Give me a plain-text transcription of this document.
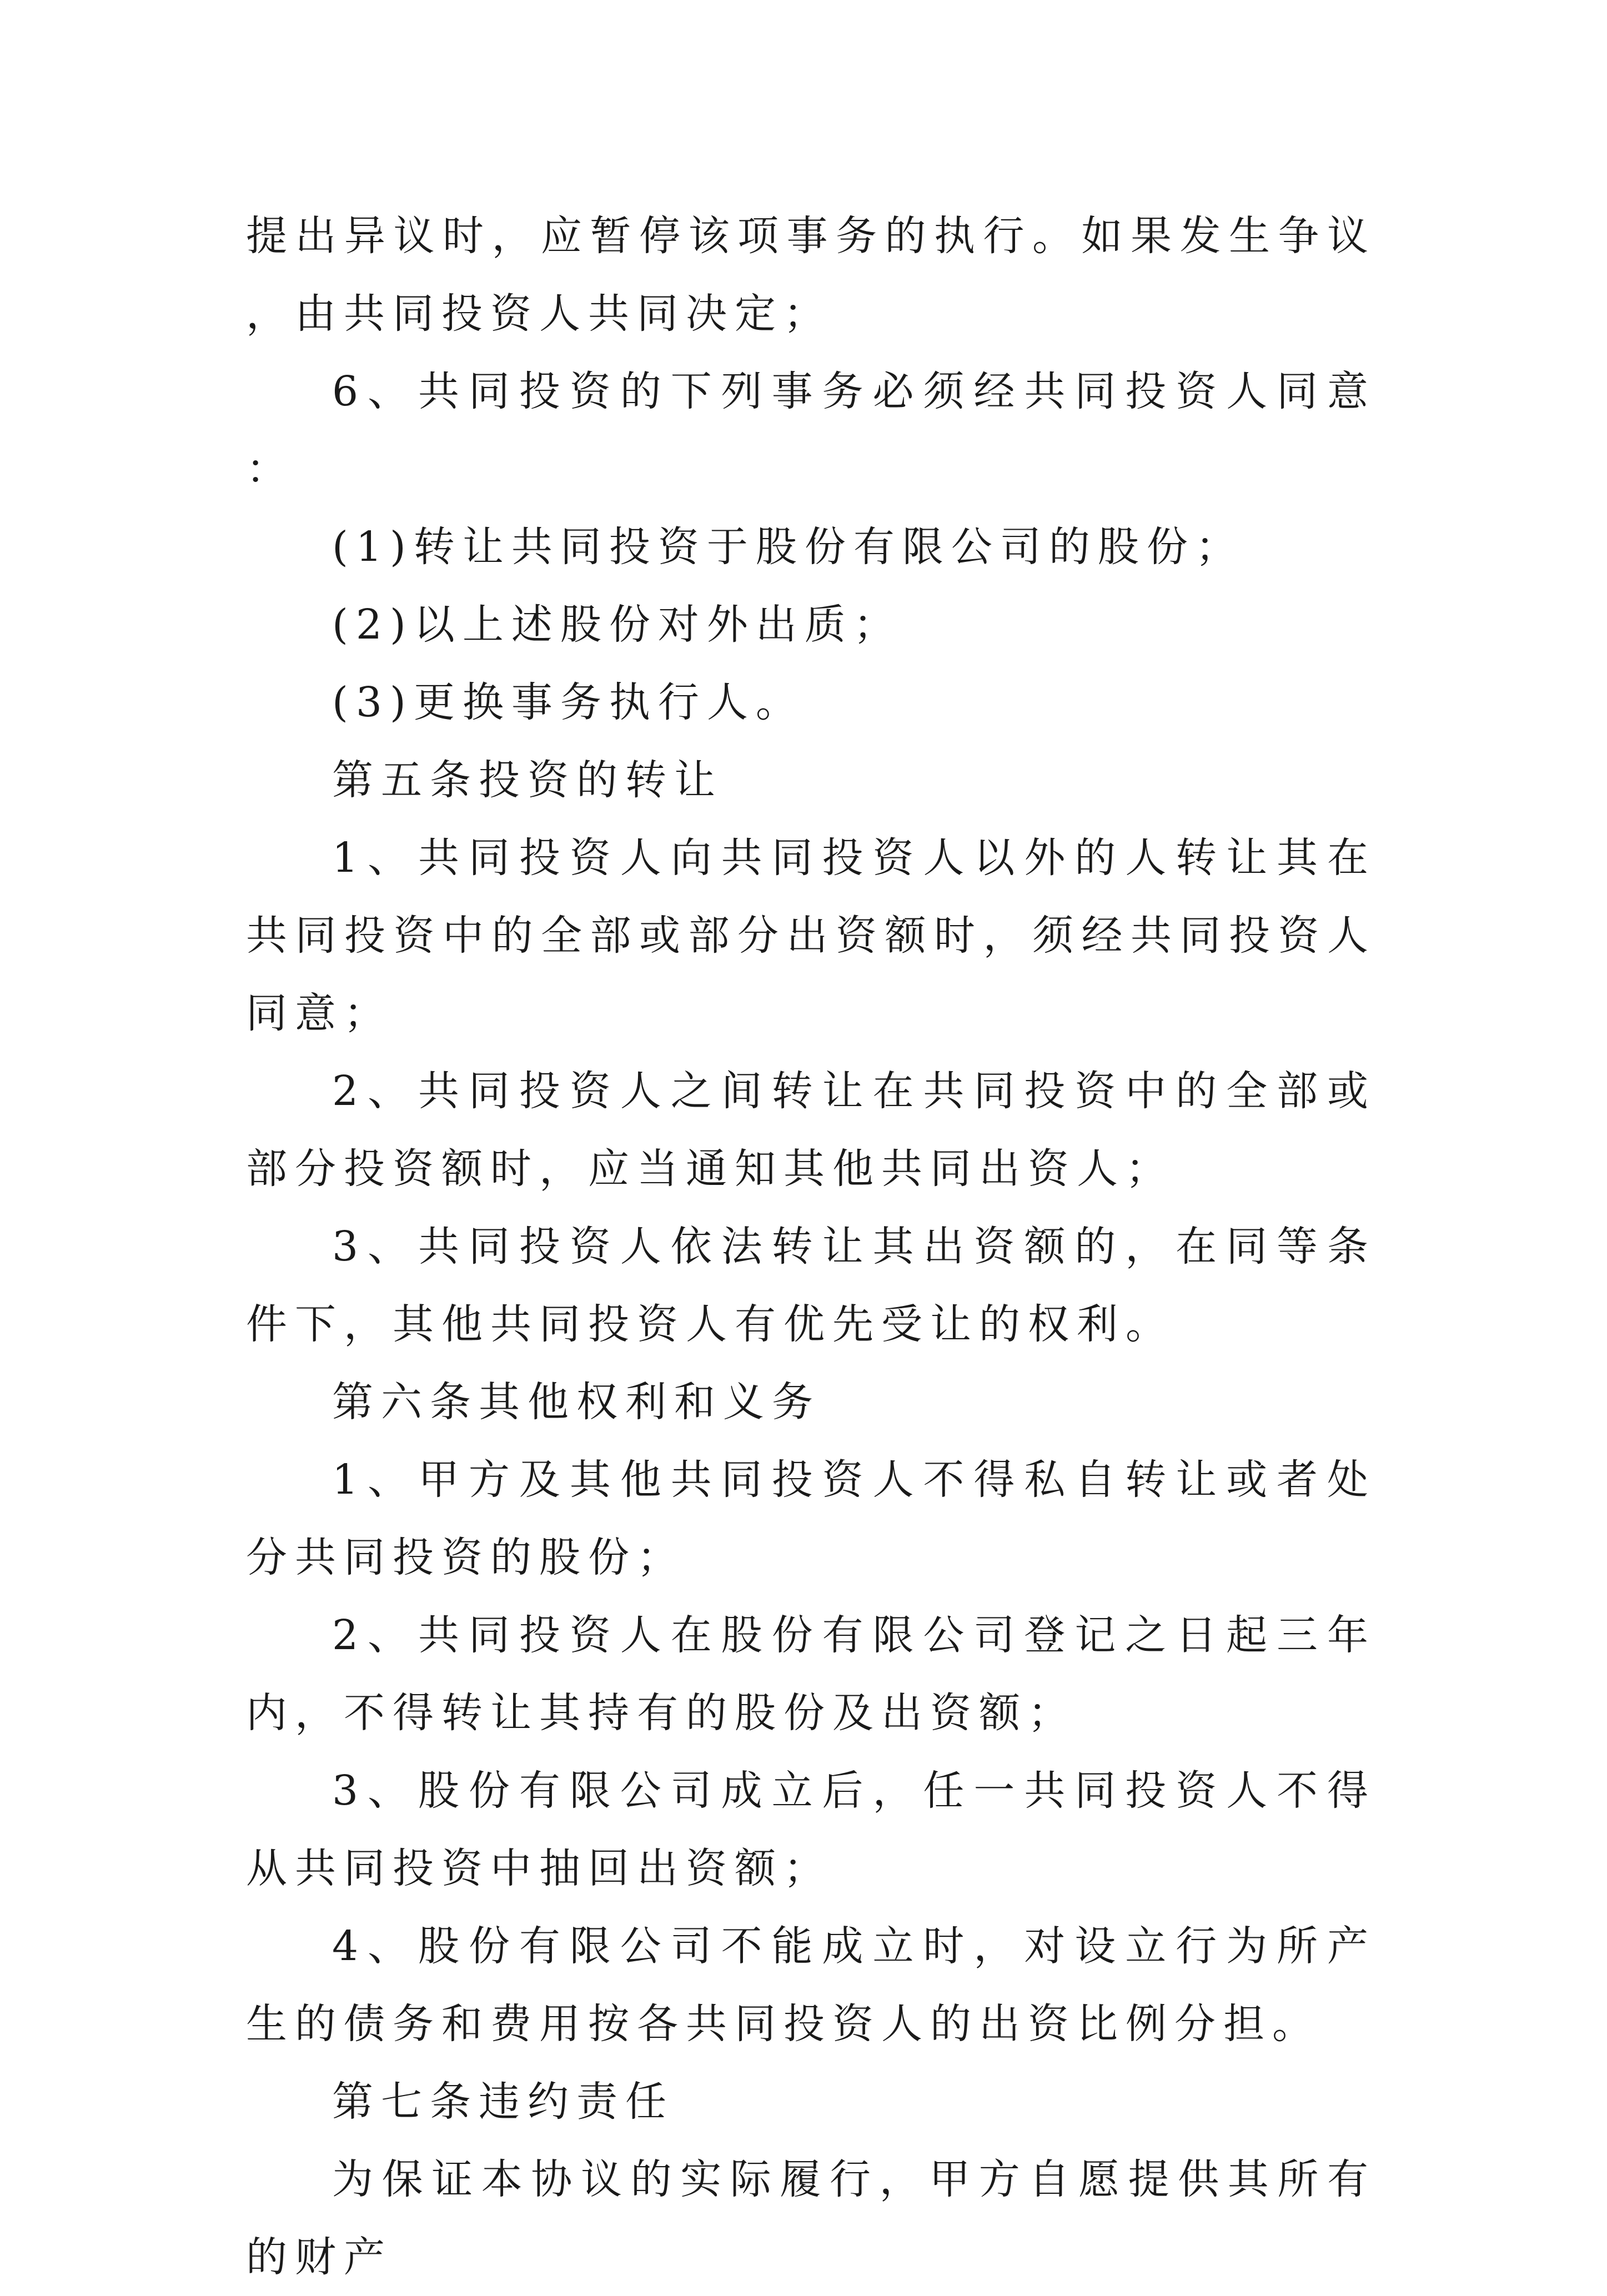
提出异议时，应暂停该项事务的执行。如果发生争议，由共同投资人共同决定；

6、共同投资的下列事务必须经共同投资人同意：

(1)转让共同投资于股份有限公司的股份；

(2)以上述股份对外出质；

(3)更换事务执行人。

第五条投资的转让

1、共同投资人向共同投资人以外的人转让其在共同投资中的全部或部分出资额时，须经共同投资人同意；

2、共同投资人之间转让在共同投资中的全部或部分投资额时，应当通知其他共同出资人；

3、共同投资人依法转让其出资额的，在同等条件下，其他共同投资人有优先受让的权利。

第六条其他权利和义务

1、甲方及其他共同投资人不得私自转让或者处分共同投资的股份；

2、共同投资人在股份有限公司登记之日起三年内，不得转让其持有的股份及出资额；

3、股份有限公司成立后，任一共同投资人不得从共同投资中抽回出资额；

4、股份有限公司不能成立时，对设立行为所产生的债务和费用按各共同投资人的出资比例分担。

第七条违约责任

为保证本协议的实际履行，甲方自愿提供其所有的财产
